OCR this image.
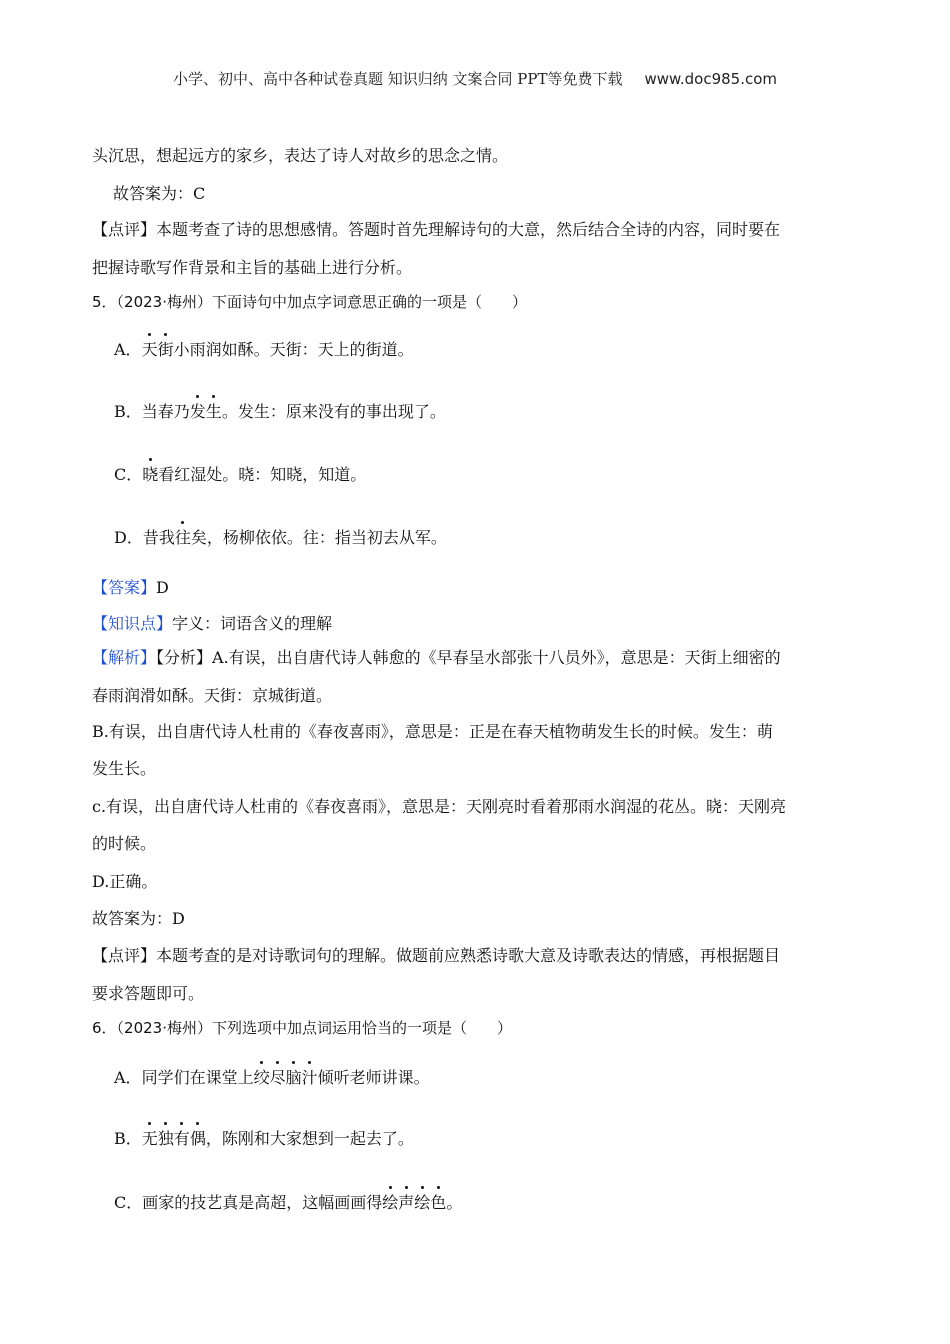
小学、初中、高中各种试卷真题 知识归纳 文案合同 PPT等免费下载 www.doc985.com
头沉思，想起远方的家乡，表达了诗人对故乡的思念之情。
故答案为：C
【点评】本题考查了诗的思想感情。答题时首先理解诗句的大意，然后结合全诗的内容，同时要在
把握诗歌写作背景和主旨的基础上进行分析。
5．（2023·梅州）下面诗句中加点字词意思正确的一项是（　　）
A．天街小雨润如酥。天街：天上的街道。
B．当春乃发生。发生：原来没有的事出现了。
C．晓看红湿处。晓：知晓，知道。
D．昔我往矣，杨柳依依。往：指当初去从军。
【答案】D
【知识点】字义：词语含义的理解
【解析】【分析】A.有误，出自唐代诗人韩愈的《早春呈水部张十八员外》，意思是：天街上细密的
春雨润滑如酥。天街：京城街道。
B.有误，出自唐代诗人杜甫的《春夜喜雨》，意思是：正是在春天植物萌发生长的时候。发生：萌
发生长。
c.有误，出自唐代诗人杜甫的《春夜喜雨》，意思是：天刚亮时看着那雨水润湿的花丛。晓：天刚亮
的时候。
D.正确。
故答案为：D
【点评】本题考查的是对诗歌词句的理解。做题前应熟悉诗歌大意及诗歌表达的情感，再根据题目
要求答题即可。
6．（2023·梅州）下列选项中加点词运用恰当的一项是（　　）
A．同学们在课堂上绞尽脑汁倾听老师讲课。
B．无独有偶，陈刚和大家想到一起去了。
C．画家的技艺真是高超，这幅画画得绘声绘色。
